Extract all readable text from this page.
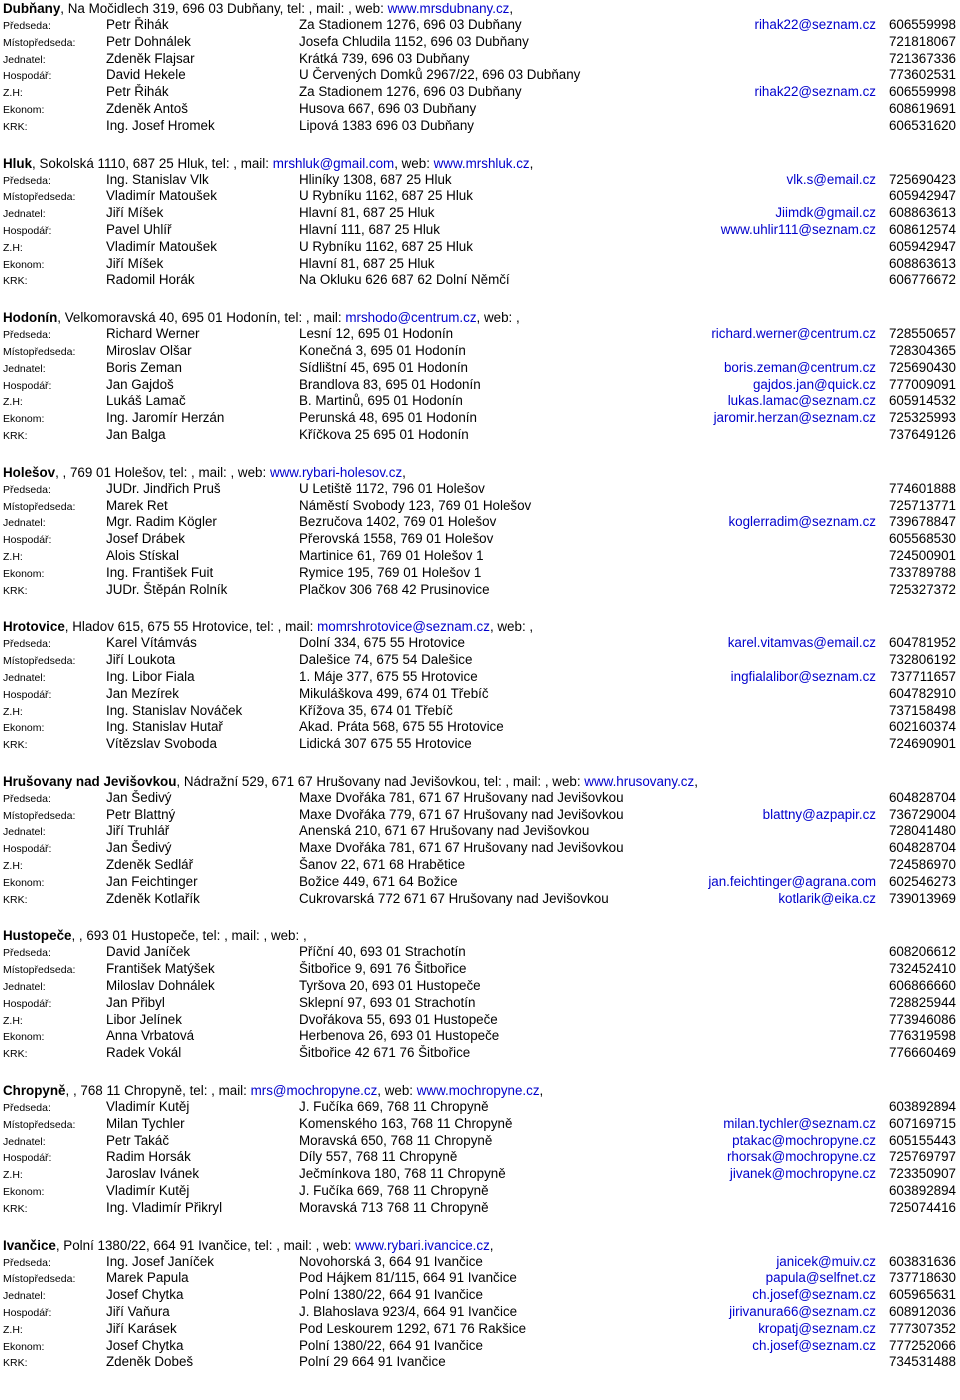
Dubňany, Na Močidlech 319, 696 03 Dubňany, tel: , mail: , web: www.mrsdubnany.cz,
Předseda:	Petr Řihák	Za Stadionem 1276, 696 03 Dubňany	rihak22@seznam.cz 606559998
Místopředseda:	Petr Dohnálek	Josefa Chludila 1152, 696 03 Dubňany	721818067
Jednatel:	Zdeněk Flajsar	Krátká 739, 696 03 Dubňany	721367336
Hospodář:	David Hekele	U Červených Domků 2967/22, 696 03 Dubňany	773602531
Z.H:	Petr Řihák	Za Stadionem 1276, 696 03 Dubňany	rihak22@seznam.cz 606559998
Ekonom:	Zdeněk Antoš	Husova 667, 696 03 Dubňany	608619691
KRK:	Ing. Josef Hromek	Lipová 1383 696 03 Dubňany	606531620
Hluk, Sokolská 1110, 687 25 Hluk, tel: , mail: mrshluk@gmail.com, web: www.mrshluk.cz,
Předseda:	Ing. Stanislav Vlk	Hliníky 1308, 687 25 Hluk	vlk.s@email.cz 725690423
Místopředseda:	Vladimír Matoušek	U Rybníku 1162, 687 25 Hluk	605942947
Jednatel:	Jiří Míšek	Hlavní 81, 687 25 Hluk	Jiimdk@gmail.cz 608863613
Hospodář:	Pavel Uhlíř	Hlavní 111, 687 25 Hluk	www.uhlir111@seznam.cz 608612574
Z.H:	Vladimír Matoušek	U Rybníku 1162, 687 25 Hluk	605942947
Ekonom:	Jiří Míšek	Hlavní 81, 687 25 Hluk	608863613
KRK:	Radomil Horák	Na Okluku 626 687 62 Dolní Němčí	606776672
Hodonín, Velkomoravská 40, 695 01 Hodonín, tel: , mail: mrshodo@centrum.cz, web: ,
Předseda:	Richard Werner	Lesní 12, 695 01 Hodonín	richard.werner@centrum.cz 728550657
Místopředseda:	Miroslav Olšar	Konečná 3, 695 01 Hodonín	728304365
Jednatel:	Boris Zeman	Sídlištní 45, 695 01 Hodonín	boris.zeman@centrum.cz 725690430
Hospodář:	Jan Gajdoš	Brandlova 83, 695 01 Hodonín	gajdos.jan@quick.cz 777009091
Z.H:	Lukáš Lamač	B. Martinů, 695 01 Hodonín	lukas.lamac@seznam.cz 605914532
Ekonom:	Ing. Jaromír Herzán	Perunská 48, 695 01 Hodonín	jaromir.herzan@seznam.cz 725325993
KRK:	Jan Balga	Kříčkova 25 695 01 Hodonín	737649126
Holešov, , 769 01 Holešov, tel: , mail: , web: www.rybari-holesov.cz,
Předseda:	JUDr. Jindřich Pruš	U Letiště 1172, 796 01 Holešov	774601888
Místopředseda:	Marek Ret	Náměstí Svobody 123, 769 01 Holešov	725713771
Jednatel:	Mgr. Radim Kögler	Bezručova 1402, 769 01 Holešov	koglerradim@seznam.cz 739678847
Hospodář:	Josef Drábek	Přerovská 1558, 769 01 Holešov	605568530
Z.H:	Alois Stískal	Martinice 61, 769 01 Holešov 1	724500901
Ekonom:	Ing. František Fuit	Rymice 195, 769 01 Holešov 1	733789788
KRK:	JUDr. Štěpán Rolník	Plačkov 306 768 42 Prusinovice	725327372
Hrotovice, Hladov 615, 675 55 Hrotovice, tel: , mail: momrshrotovice@seznam.cz, web: ,
Předseda:	Karel Vítámvás	Dolní 334, 675 55 Hrotovice	karel.vitamvas@email.cz 604781952
Místopředseda:	Jiří Loukota	Dalešice 74, 675 54 Dalešice	732806192
Jednatel:	Ing. Libor Fiala	1. Máje 377, 675 55 Hrotovice	ingfialalibor@seznam.cz	737711657
Hospodář:	Jan Mezírek	Mikuláškova 499, 674 01 Třebíč	604782910
Z.H:	Ing. Stanislav Nováček	Křížova 35, 674 01 Třebíč	737158498
Ekonom:	Ing. Stanislav Hutař	Akad. Práta 568, 675 55 Hrotovice	602160374
KRK:	Vítězslav Svoboda	Lidická 307 675 55 Hrotovice	724690901
Hrušovany nad Jevišovkou, Nádražní 529, 671 67 Hrušovany nad Jevišovkou, tel: , mail: , web: www.hrusovany.cz,
Předseda:	Jan Šedivý	Maxe Dvořáka 781, 671 67 Hrušovany nad Jevišovkou	604828704
Místopředseda:	Petr Blattný	Maxe Dvořáka 779, 671 67 Hrušovany nad Jevišovkou	blattny@azpapir.cz 736729004
Jednatel:	Jiří Truhlář	Anenská 210, 671 67 Hrušovany nad Jevišovkou	728041480
Hospodář:	Jan Šedivý	Maxe Dvořáka 781, 671 67 Hrušovany nad Jevišovkou	604828704
Z.H:	Zdeněk Sedlář	Šanov 22, 671 68 Hrabětice	724586970
Ekonom:	Jan Feichtinger	Božice 449, 671 64 Božice	jan.feichtinger@agrana.com 602546273
KRK:	Zdeněk Kotlařík	Cukrovarská 772 671 67 Hrušovany nad Jevišovkou	kotlarik@eika.cz 739013969
Hustopeče, , 693 01 Hustopeče, tel: , mail: , web: ,
Předseda:	David Janíček	Příční 40, 693 01 Strachotín	608206612
Místopředseda:	František Matýšek	Šitbořice 9, 691 76 Šitbořice	732452410
Jednatel:	Miloslav Dohnálek	Tyršova 20, 693 01 Hustopeče	606866660
Hospodář:	Jan Přibyl	Sklepní 97, 693 01 Strachotín	728825944
Z.H:	Libor Jelínek	Dvořákova 55, 693 01 Hustopeče	773946086
Ekonom:	Anna Vrbatová	Herbenova 26, 693 01 Hustopeče	776319598
KRK:	Radek Vokál	Šitbořice 42 671 76 Šitbořice	776660469
Chropyně, , 768 11 Chropyně, tel: , mail: mrs@mochropyne.cz, web: www.mochropyne.cz,
Předseda:	Vladimír Kutěj	J. Fučíka 669, 768 11 Chropyně	603892894
Místopředseda:	Milan Tychler	Komenského 163, 768 11 Chropyně	milan.tychler@seznam.cz 607169715
Jednatel:	Petr Takáč	Moravská 650, 768 11 Chropyně	ptakac@mochropyne.cz 605155443
Hospodář:	Radim Horsák	Díly 557, 768 11 Chropyně	rhorsak@mochropyne.cz 725769797
Z.H:	Jaroslav Ivánek	Ječmínkova 180, 768 11 Chropyně	jivanek@mochropyne.cz 723350907
Ekonom:	Vladimír Kutěj	J. Fučíka 669, 768 11 Chropyně	603892894
KRK:	Ing. Vladimír Přikryl	Moravská 713 768 11 Chropyně	725074416
Ivančice, Polní 1380/22, 664 91 Ivančice, tel: , mail: , web: www.rybari.ivancice.cz,
Předseda:	Ing. Josef Janíček	Novohorská 3, 664 91 Ivančice	janicek@muiv.cz 603831636
Místopředseda:	Marek Papula	Pod Hájkem 81/115, 664 91 Ivančice	papula@selfnet.cz 737718630
Jednatel:	Josef Chytka	Polní 1380/22, 664 91 Ivančice	ch.josef@seznam.cz 605965631
Hospodář:	Jiří Vaňura	J. Blahoslava 923/4, 664 91 Ivančice	jirivanura66@seznam.cz 608912036
Z.H:	Jiří Karásek	Pod Leskourem 1292, 671 76 Rakšice	kropatj@seznam.cz 777307352
Ekonom:	Josef Chytka	Polní 1380/22, 664 91 Ivančice	ch.josef@seznam.cz 777252066
KRK:	Zdeněk Dobeš	Polní 29 664 91 Ivančice	734531488
